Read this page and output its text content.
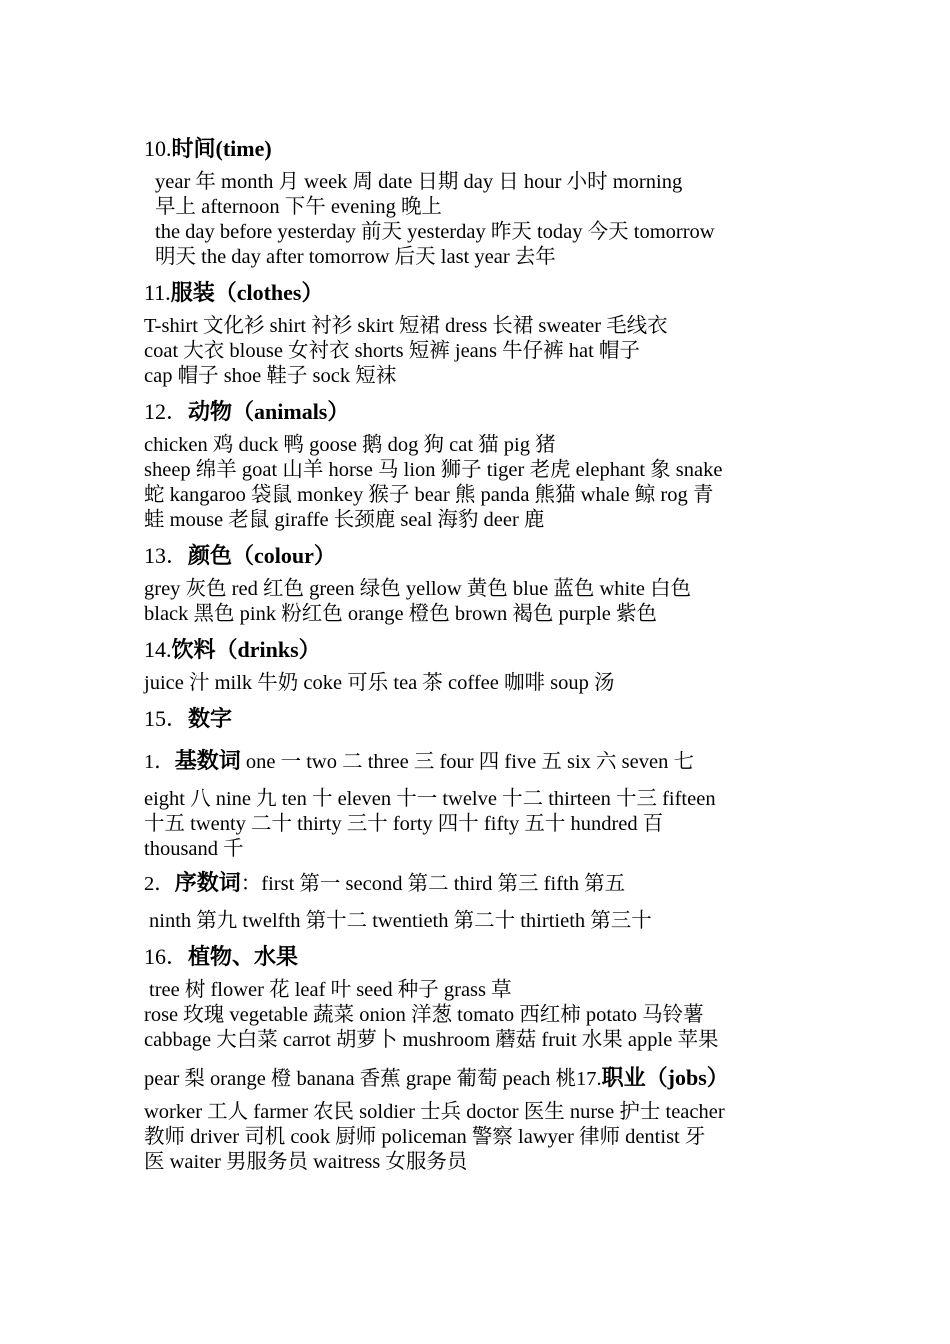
10.时间(time)
year 年 month 月 week 周 date 日期 day 日 hour 小时 morning
早上 afternoon 下午 evening 晚上
the day before yesterday 前天 yesterday 昨天 today 今天 tomorrow
明天 the day after tomorrow 后天 last year 去年
11.服装（clothes）
T-shirt 文化衫 shirt 衬衫 skirt 短裙 dress 长裙 sweater 毛线衣
coat 大衣 blouse 女衬衣 shorts 短裤 jeans 牛仔裤 hat 帽子
cap 帽子 shoe 鞋子 sock 短袜
12．动物（animals）
chicken 鸡 duck 鸭 goose 鹅 dog 狗 cat 猫 pig 猪
sheep 绵羊 goat 山羊 horse 马 lion 狮子 tiger 老虎 elephant 象 snake
蛇 kangaroo 袋鼠 monkey 猴子 bear 熊 panda 熊猫 whale 鲸 rog 青
蛙 mouse 老鼠 giraffe 长颈鹿 seal 海豹 deer 鹿
13．颜色（colour）
grey 灰色 red 红色 green 绿色 yellow 黄色 blue 蓝色 white 白色
black 黑色 pink 粉红色 orange 橙色 brown 褐色 purple 紫色
14.饮料（drinks）
juice 汁 milk 牛奶 coke 可乐 tea 茶 coffee 咖啡 soup 汤
15．数字
1．基数词 one 一 two 二 three 三 four 四 five 五 six 六 seven 七
eight 八 nine 九 ten 十 eleven 十一 twelve 十二 thirteen 十三 fifteen
十五 twenty 二十 thirty 三十 forty 四十 fifty 五十 hundred 百
thousand 千
2．序数词：first 第一 second 第二 third 第三 fifth 第五
ninth 第九 twelfth 第十二 twentieth 第二十 thirtieth 第三十
16．植物、水果
tree 树 flower 花 leaf 叶 seed 种子 grass 草
rose 玫瑰 vegetable 蔬菜 onion 洋葱 tomato 西红柿 potato 马铃薯
cabbage 大白菜 carrot 胡萝卜 mushroom 蘑菇 fruit 水果 apple 苹果
pear 梨 orange 橙 banana 香蕉 grape 葡萄 peach 桃17.职业（jobs）
worker 工人 farmer 农民 soldier 士兵 doctor 医生 nurse 护士 teacher
教师 driver 司机 cook 厨师 policeman 警察 lawyer 律师 dentist 牙
医 waiter 男服务员 waitress 女服务员
